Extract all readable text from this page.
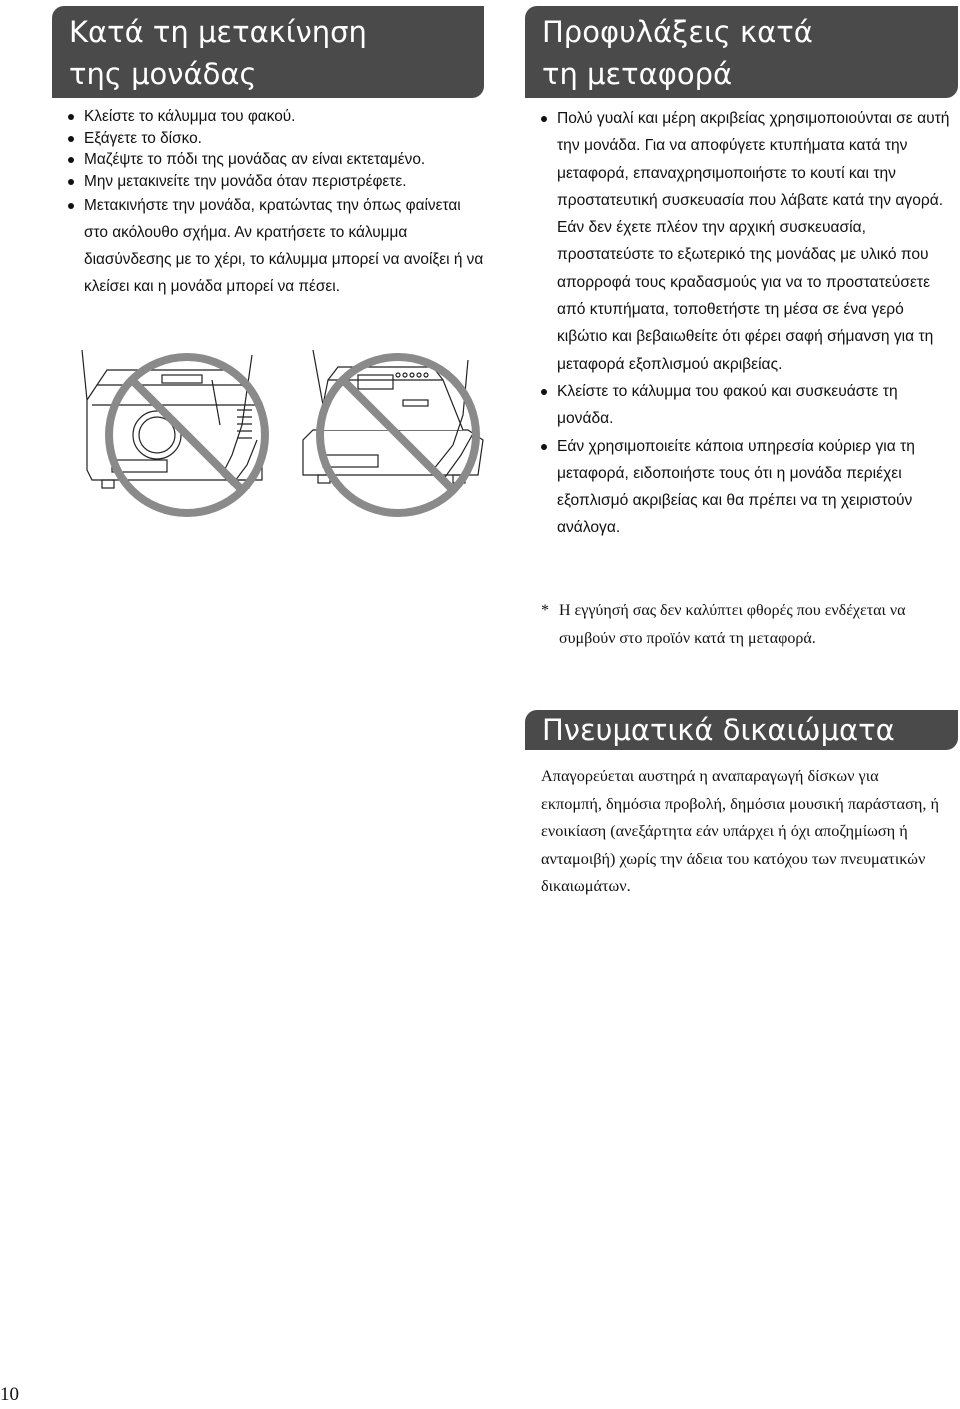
Κατά τη μετακίνηση
της μονάδας
Προφυλάξεις κατά
τη μεταφορά
Κλείστε το κάλυμμα του φακού.
Εξάγετε το δίσκο.
Μαζέψτε το πόδι της μονάδας αν είναι εκτεταμένο.
Μην μετακινείτε την μονάδα όταν περιστρέφετε.
Μετακινήστε την μονάδα, κρατώντας την όπως φαίνεται στο ακόλουθο σχήμα. Αν κρατήσετε το κάλυμμα διασύνδεσης με το χέρι, το κάλυμμα μπορεί να ανοίξει ή να κλείσει και η μονάδα μπορεί να πέσει.
Πολύ γυαλί και μέρη ακριβείας χρησιμοποιούνται σε αυτή την μονάδα. Για να αποφύγετε κτυπήματα κατά την μεταφορά, επαναχρησιμοποιήστε το κουτί και την προστατευτική συσκευασία που λάβατε κατά την αγορά. Εάν δεν έχετε πλέον την αρχική συσκευασία, προστατεύστε το εξωτερικό της μονάδας με υλικό που απορροφά τους κραδασμούς για να το προστατεύσετε από κτυπήματα, τοποθετήστε τη μέσα σε ένα γερό κιβώτιο και βεβαιωθείτε ότι φέρει σαφή σήμανση για τη μεταφορά εξοπλισμού ακριβείας.
Κλείστε το κάλυμμα του φακού και συσκευάστε τη μονάδα.
Εάν χρησιμοποιείτε κάποια υπηρεσία κούριερ για τη μεταφορά, ειδοποιήστε τους ότι η μονάδα περιέχει εξοπλισμό ακριβείας και θα πρέπει να τη χειριστούν ανάλογα.
* Η εγγύησή σας δεν καλύπτει φθορές που ενδέχεται να συμβούν στο προϊόν κατά τη μεταφορά.
Πνευματικά δικαιώματα
Απαγορεύεται αυστηρά η αναπαραγωγή δίσκων για εκπομπή, δημόσια προβολή, δημόσια μουσική παράσταση, ή ενοικίαση (ανεξάρτητα εάν υπάρχει ή όχι αποζημίωση ή ανταμοιβή) χωρίς την άδεια του κατόχου των πνευματικών δικαιωμάτων.
10
